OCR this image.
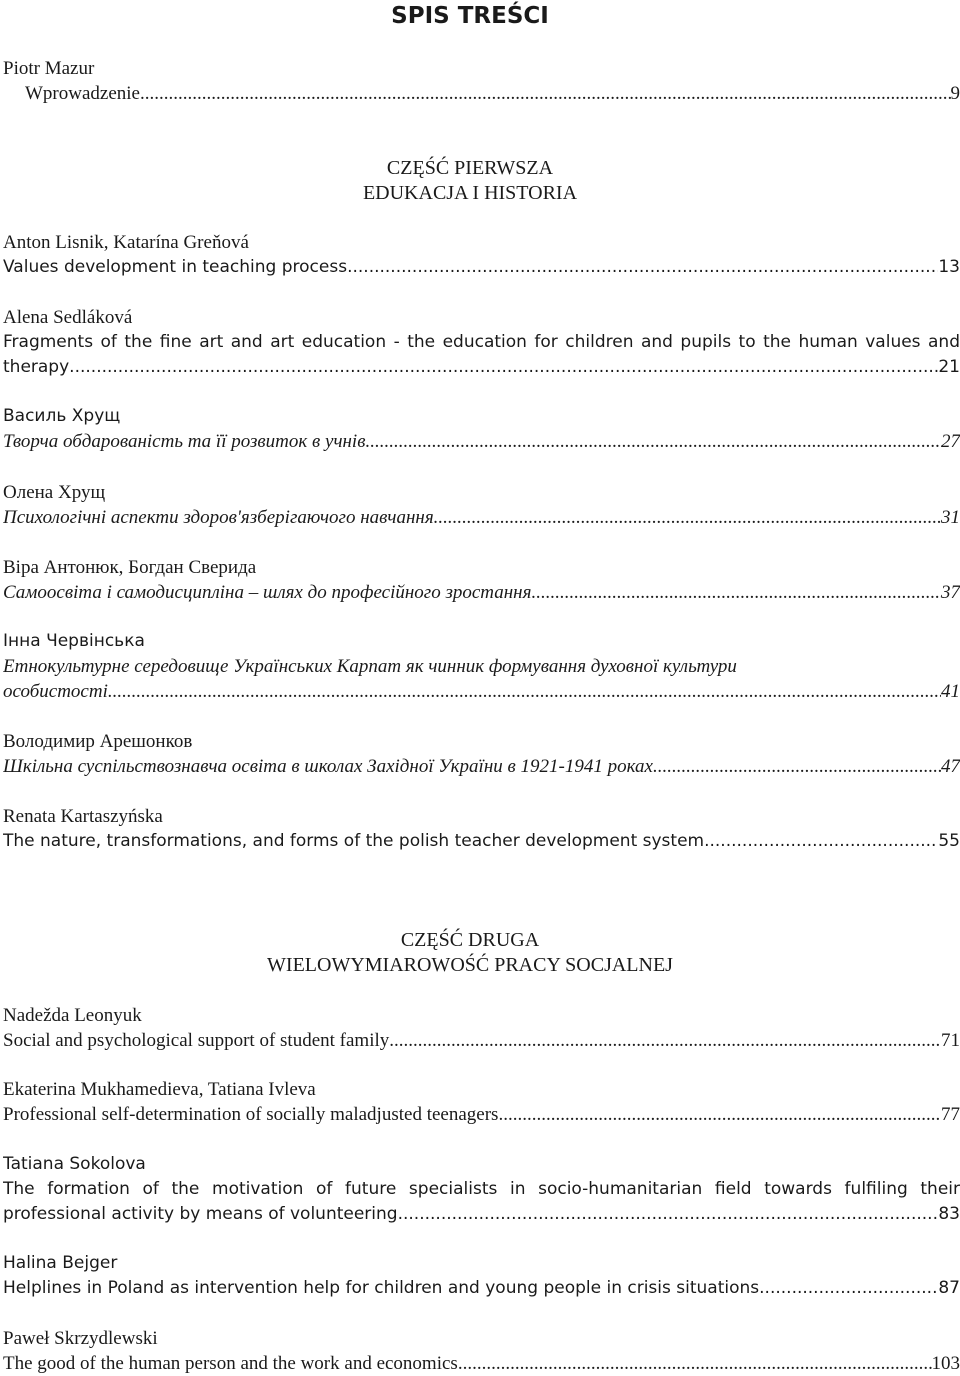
SPIS TREŚCI
Piotr Mazur
Wprowadzenie .....	9
CZĘŚĆ PIERWSZA
EDUKACJA I HISTORIA
Anton Lisnik, Katarína Greňová
Values development in teaching process .....	13
Alena Sedláková
Fragments of the fine art and art education - the education for children and pupils to the human values and
therapy .....	21
Василь Хрущ
Творча обдарованість та її розвиток в учнів .....	27
Олена Хрущ
Психологічні аспекти здоров'язберігаючого навчання .....	31
Віра Антонюк, Богдан Сверида
Самоосвіта і самодисципліна – шлях до професійного зростання .....	37
Інна Червінська
Етнокультурне середовище Українських Карпат як чинник формування духовної культури
особистості .....	41
Володимир Арешонков
Шкільна суспільствознавча освіта в школах Західної України в 1921-1941 роках .....	47
Renata Kartaszyńska
The nature, transformations, and forms of the polish teacher development system .....	55
CZĘŚĆ DRUGA
WIELOWYMIAROWOŚĆ PRACY SOCJALNEJ
Nadežda Leonyuk
Social and psychological support of student family .....	71
Ekaterina Mukhamedieva, Tatiana Ivleva
Professional self-determination of socially maladjusted teenagers .....	77
Tatiana Sokolova
The formation of the motivation of future specialists in socio-humanitarian field towards fulfiling their
professional activity by means of volunteering .....	83
Halina Bejger
Helplines in Poland as intervention help for children and young people in crisis situations .....	87
Paweł Skrzydlewski
The good of the human person and the work and economics .....	103
